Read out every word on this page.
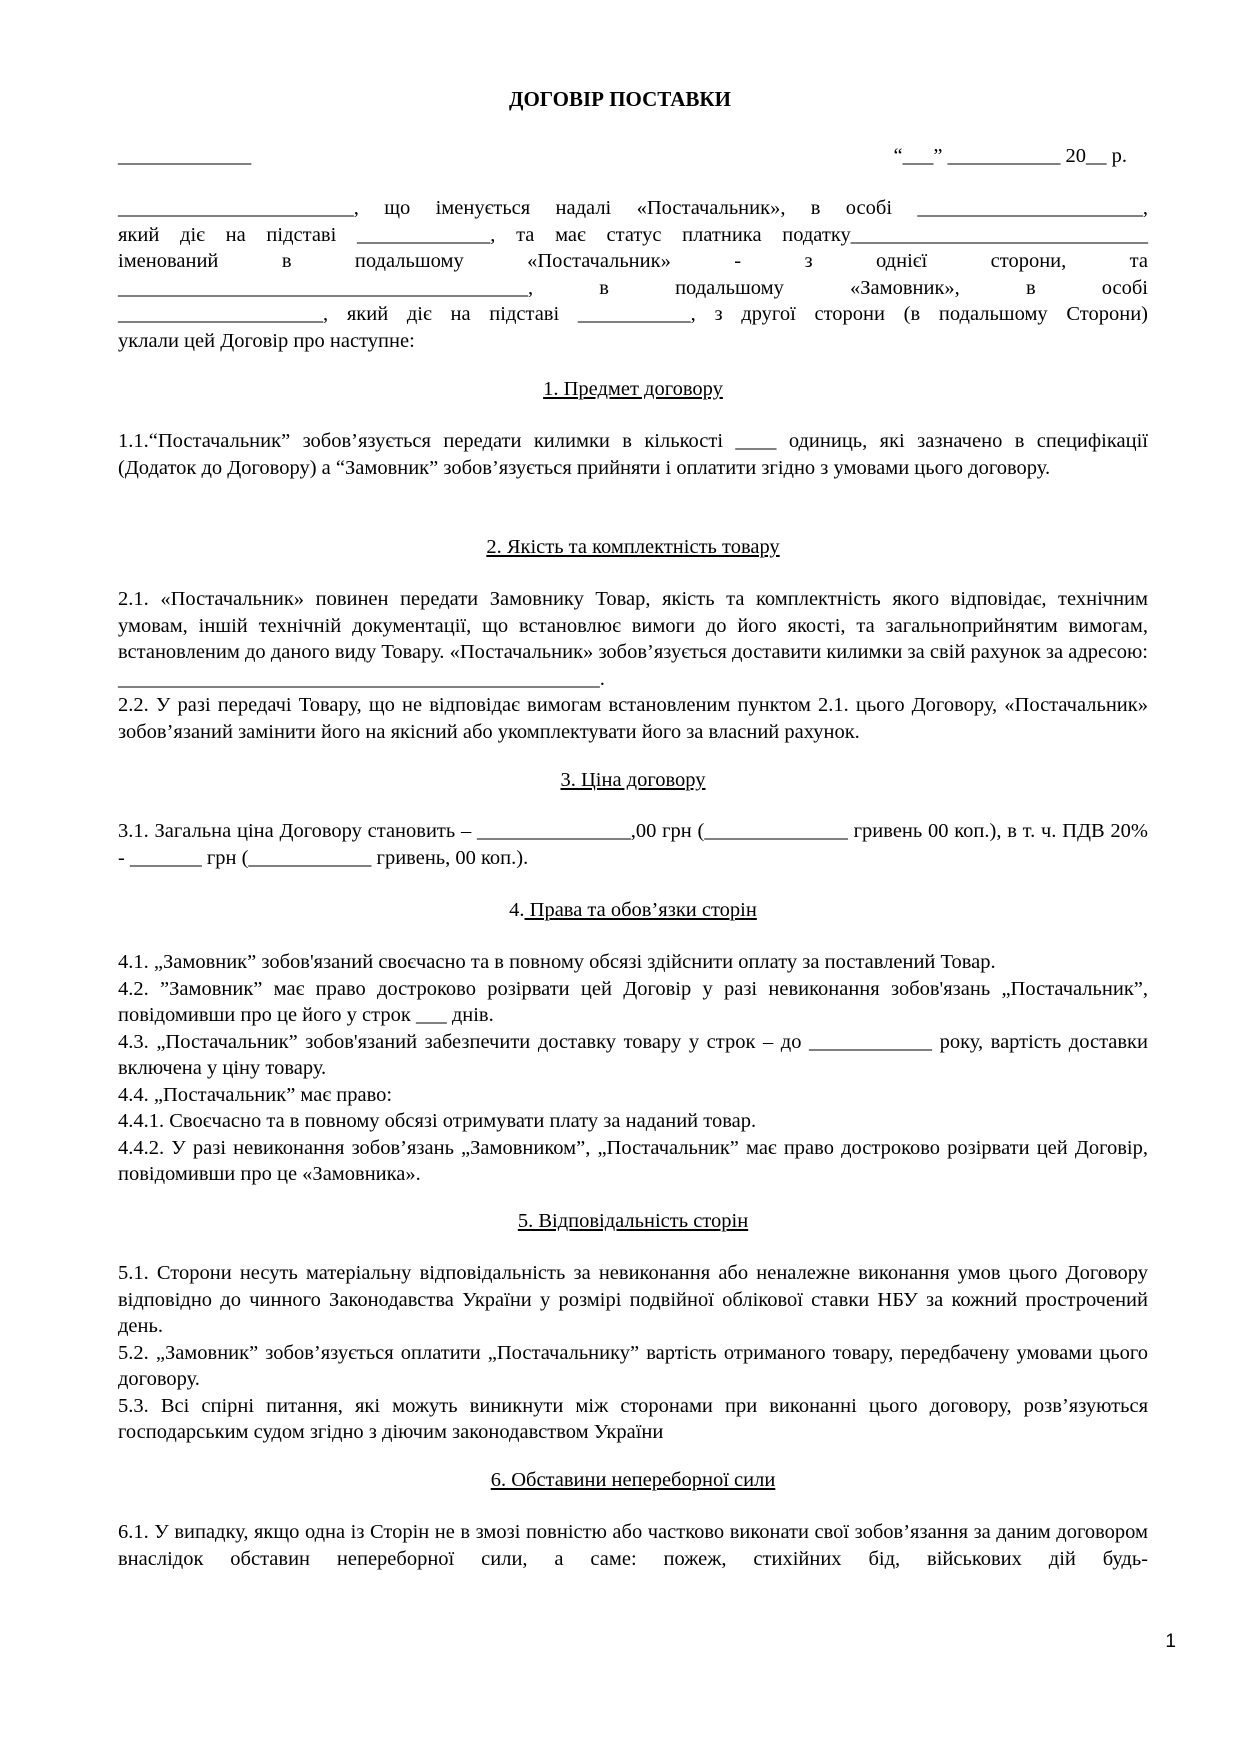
ДОГОВІР ПОСТАВКИ
_____________	“___” ___________ 20__ р.

_______________________, що іменується надалі «Постачальник», в особі ______________________,

який діє на підставі _____________, та має статус платника податку_____________________________

іменований в подальшому «Постачальник» - з однієї сторони, та

________________________________________, в подальшому «Замовник», в особі

____________________, який діє на підставі ___________, з другої сторони (в подальшому Сторони)

уклали цей Договір про наступне:

1. Предмет договору

1.1.“Постачальник” зобов’язується передати килимки в кількості ____ одиниць, які зазначено в специфікації (Додаток до Договору) а “Замовник” зобов’язується прийняти і оплатити згідно з умовами цього договору.

2. Якість та комплектність товару

2.1. «Постачальник» повинен передати Замовнику Товар, якість та комплектність якого відповідає, технічним умовам, іншій технічній документації, що встановлює вимоги до його якості, та загальноприйнятим вимогам, встановленим до даного виду Товару. «Постачальник» зобов’язується доставити килимки за свій рахунок за адресою: _______________________________________________.

2.2. У разі передачі Товару, що не відповідає вимогам встановленим пунктом 2.1. цього Договору, «Постачальник» зобов’язаний замінити його на якісний або укомплектувати його за власний рахунок.

3. Ціна договору

3.1. Загальна ціна Договору становить – _______________,00 грн (______________ гривень 00 коп.), в т. ч. ПДВ 20% - _______ грн (____________ гривень, 00 коп.).

4. Права та обов’язки сторін

4.1. „Замовник” зобов'язаний своєчасно та в повному обсязі здійснити оплату за поставлений Товар.

4.2. ”Замовник” має право достроково розірвати цей Договір у разі невиконання зобов'язань „Постачальник”, повідомивши про це його у строк ___ днів.

4.3. „Постачальник” зобов'язаний забезпечити доставку товару у строк – до ____________ року, вартість доставки включена у ціну товару.

4.4. „Постачальник” має право:

4.4.1. Своєчасно та в повному обсязі отримувати плату за наданий товар.

4.4.2. У разі невиконання зобов’язань „Замовником”, „Постачальник” має право достроково розірвати цей Договір, повідомивши про це «Замовника».

5. Відповідальність сторін

5.1. Сторони несуть матеріальну відповідальність за невиконання або неналежне виконання умов цього Договору відповідно до чинного Законодавства України у розмірі подвійної облікової ставки НБУ за кожний прострочений день.

5.2. „Замовник” зобов’язується оплатити „Постачальнику” вартість отриманого товару, передбачену умовами цього договору.

5.3. Всі спірні питання, які можуть виникнути між сторонами при виконанні цього договору, розв’язуються господарським судом згідно з діючим законодавством України

6. Обставини непереборної сили

6.1. У випадку, якщо одна із Сторін не в змозі повністю або частково виконати свої зобов’язання за даним договором внаслідок обставин непереборної сили, а саме: пожеж, стихійних бід, військових дій будь-

1
